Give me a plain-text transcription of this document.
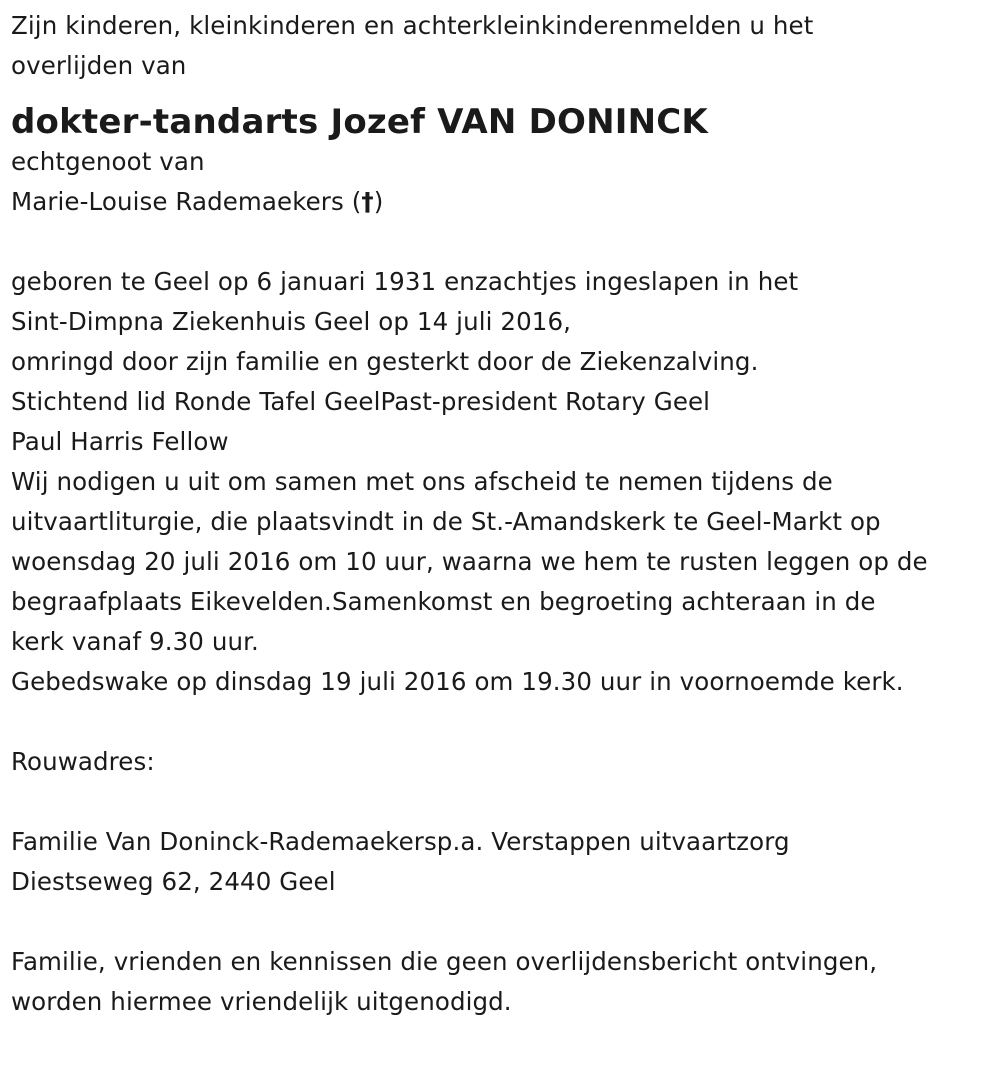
Zijn kinderen, kleinkinderen en achterkleinkinderenmelden u het
overlijden van
dokter-tandarts Jozef VAN DONINCK
echtgenoot van
Marie-Louise Rademaekers (†)
geboren te Geel op 6 januari 1931 enzachtjes ingeslapen in het
Sint-Dimpna Ziekenhuis Geel op 14 juli 2016,
omringd door zijn familie en gesterkt door de Ziekenzalving.
Stichtend lid Ronde Tafel GeelPast-president Rotary Geel
Paul Harris Fellow
Wij nodigen u uit om samen met ons afscheid te nemen tijdens de
uitvaartliturgie, die plaatsvindt in de St.-Amandskerk te Geel-Markt op
woensdag 20 juli 2016 om 10 uur, waarna we hem te rusten leggen op de
begraafplaats Eikevelden.Samenkomst en begroeting achteraan in de
kerk vanaf 9.30 uur.
Gebedswake op dinsdag 19 juli 2016 om 19.30 uur in voornoemde kerk.
Rouwadres:
Familie Van Doninck-Rademaekersp.a. Verstappen uitvaartzorg
Diestseweg 62, 2440 Geel
Familie, vrienden en kennissen die geen overlijdensbericht ontvingen,
worden hiermee vriendelijk uitgenodigd.
